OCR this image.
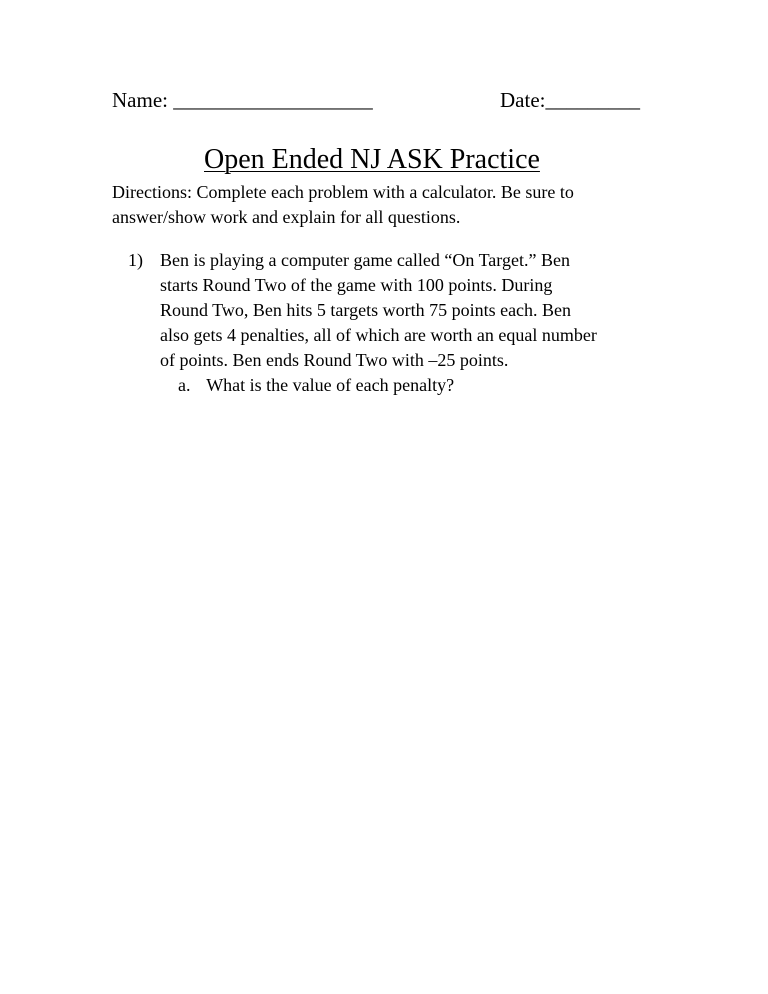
Name: ___________________	Date:_________
Open Ended NJ ASK Practice

Directions: Complete each problem with a calculator. Be sure to

answer/show work and explain for all questions.

1) Ben is playing a computer game called “On Target.” Ben

starts Round Two of the game with 100 points. During

Round Two, Ben hits 5 targets worth 75 points each. Ben

also gets 4 penalties, all of which are worth an equal number

of points. Ben ends Round Two with –25 points.

a. What is the value of each penalty?
